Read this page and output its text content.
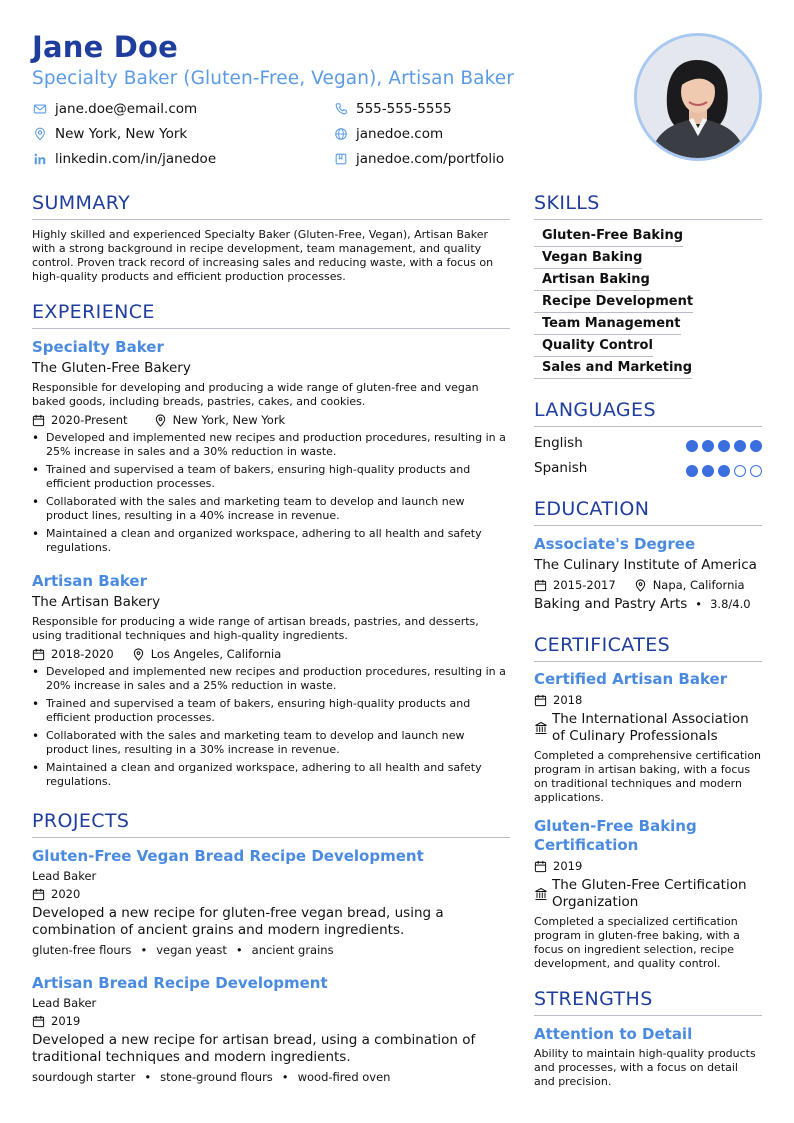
Jane Doe
Specialty Baker (Gluten-Free, Vegan), Artisan Baker
jane.doe@email.com	555-555-5555
New York, New York	janedoe.com
linkedin.com/in/janedoe	janedoe.com/portfolio
SUMMARY
Highly skilled and experienced Specialty Baker (Gluten-Free, Vegan), Artisan Baker with a strong background in recipe development, team management, and quality control. Proven track record of increasing sales and reducing waste, with a focus on high-quality products and efficient production processes.
EXPERIENCE
Specialty Baker
The Gluten-Free Bakery
Responsible for developing and producing a wide range of gluten-free and vegan baked goods, including breads, pastries, cakes, and cookies.
2020-Present	New York, New York
• Developed and implemented new recipes and production procedures, resulting in a 25% increase in sales and a 30% reduction in waste.
• Trained and supervised a team of bakers, ensuring high-quality products and efficient production processes.
• Collaborated with the sales and marketing team to develop and launch new product lines, resulting in a 40% increase in revenue.
• Maintained a clean and organized workspace, adhering to all health and safety regulations.
Artisan Baker
The Artisan Bakery
Responsible for producing a wide range of artisan breads, pastries, and desserts, using traditional techniques and high-quality ingredients.
2018-2020	Los Angeles, California
• Developed and implemented new recipes and production procedures, resulting in a 20% increase in sales and a 25% reduction in waste.
• Trained and supervised a team of bakers, ensuring high-quality products and efficient production processes.
• Collaborated with the sales and marketing team to develop and launch new product lines, resulting in a 30% increase in revenue.
• Maintained a clean and organized workspace, adhering to all health and safety regulations.
PROJECTS
Gluten-Free Vegan Bread Recipe Development
Lead Baker
2020
Developed a new recipe for gluten-free vegan bread, using a combination of ancient grains and modern ingredients.
gluten-free flours • vegan yeast • ancient grains
Artisan Bread Recipe Development
Lead Baker
2019
Developed a new recipe for artisan bread, using a combination of traditional techniques and modern ingredients.
sourdough starter • stone-ground flours • wood-fired oven
SKILLS
Gluten-Free Baking
Vegan Baking
Artisan Baking
Recipe Development
Team Management
Quality Control
Sales and Marketing
LANGUAGES
English
Spanish
EDUCATION
Associate's Degree
The Culinary Institute of America
2015-2017	Napa, California
Baking and Pastry Arts • 3.8/4.0
CERTIFICATES
Certified Artisan Baker
2018
The International Association of Culinary Professionals
Completed a comprehensive certification program in artisan baking, with a focus on traditional techniques and modern applications.
Gluten-Free Baking Certification
2019
The Gluten-Free Certification Organization
Completed a specialized certification program in gluten-free baking, with a focus on ingredient selection, recipe development, and quality control.
STRENGTHS
Attention to Detail
Ability to maintain high-quality products and processes, with a focus on detail and precision.
